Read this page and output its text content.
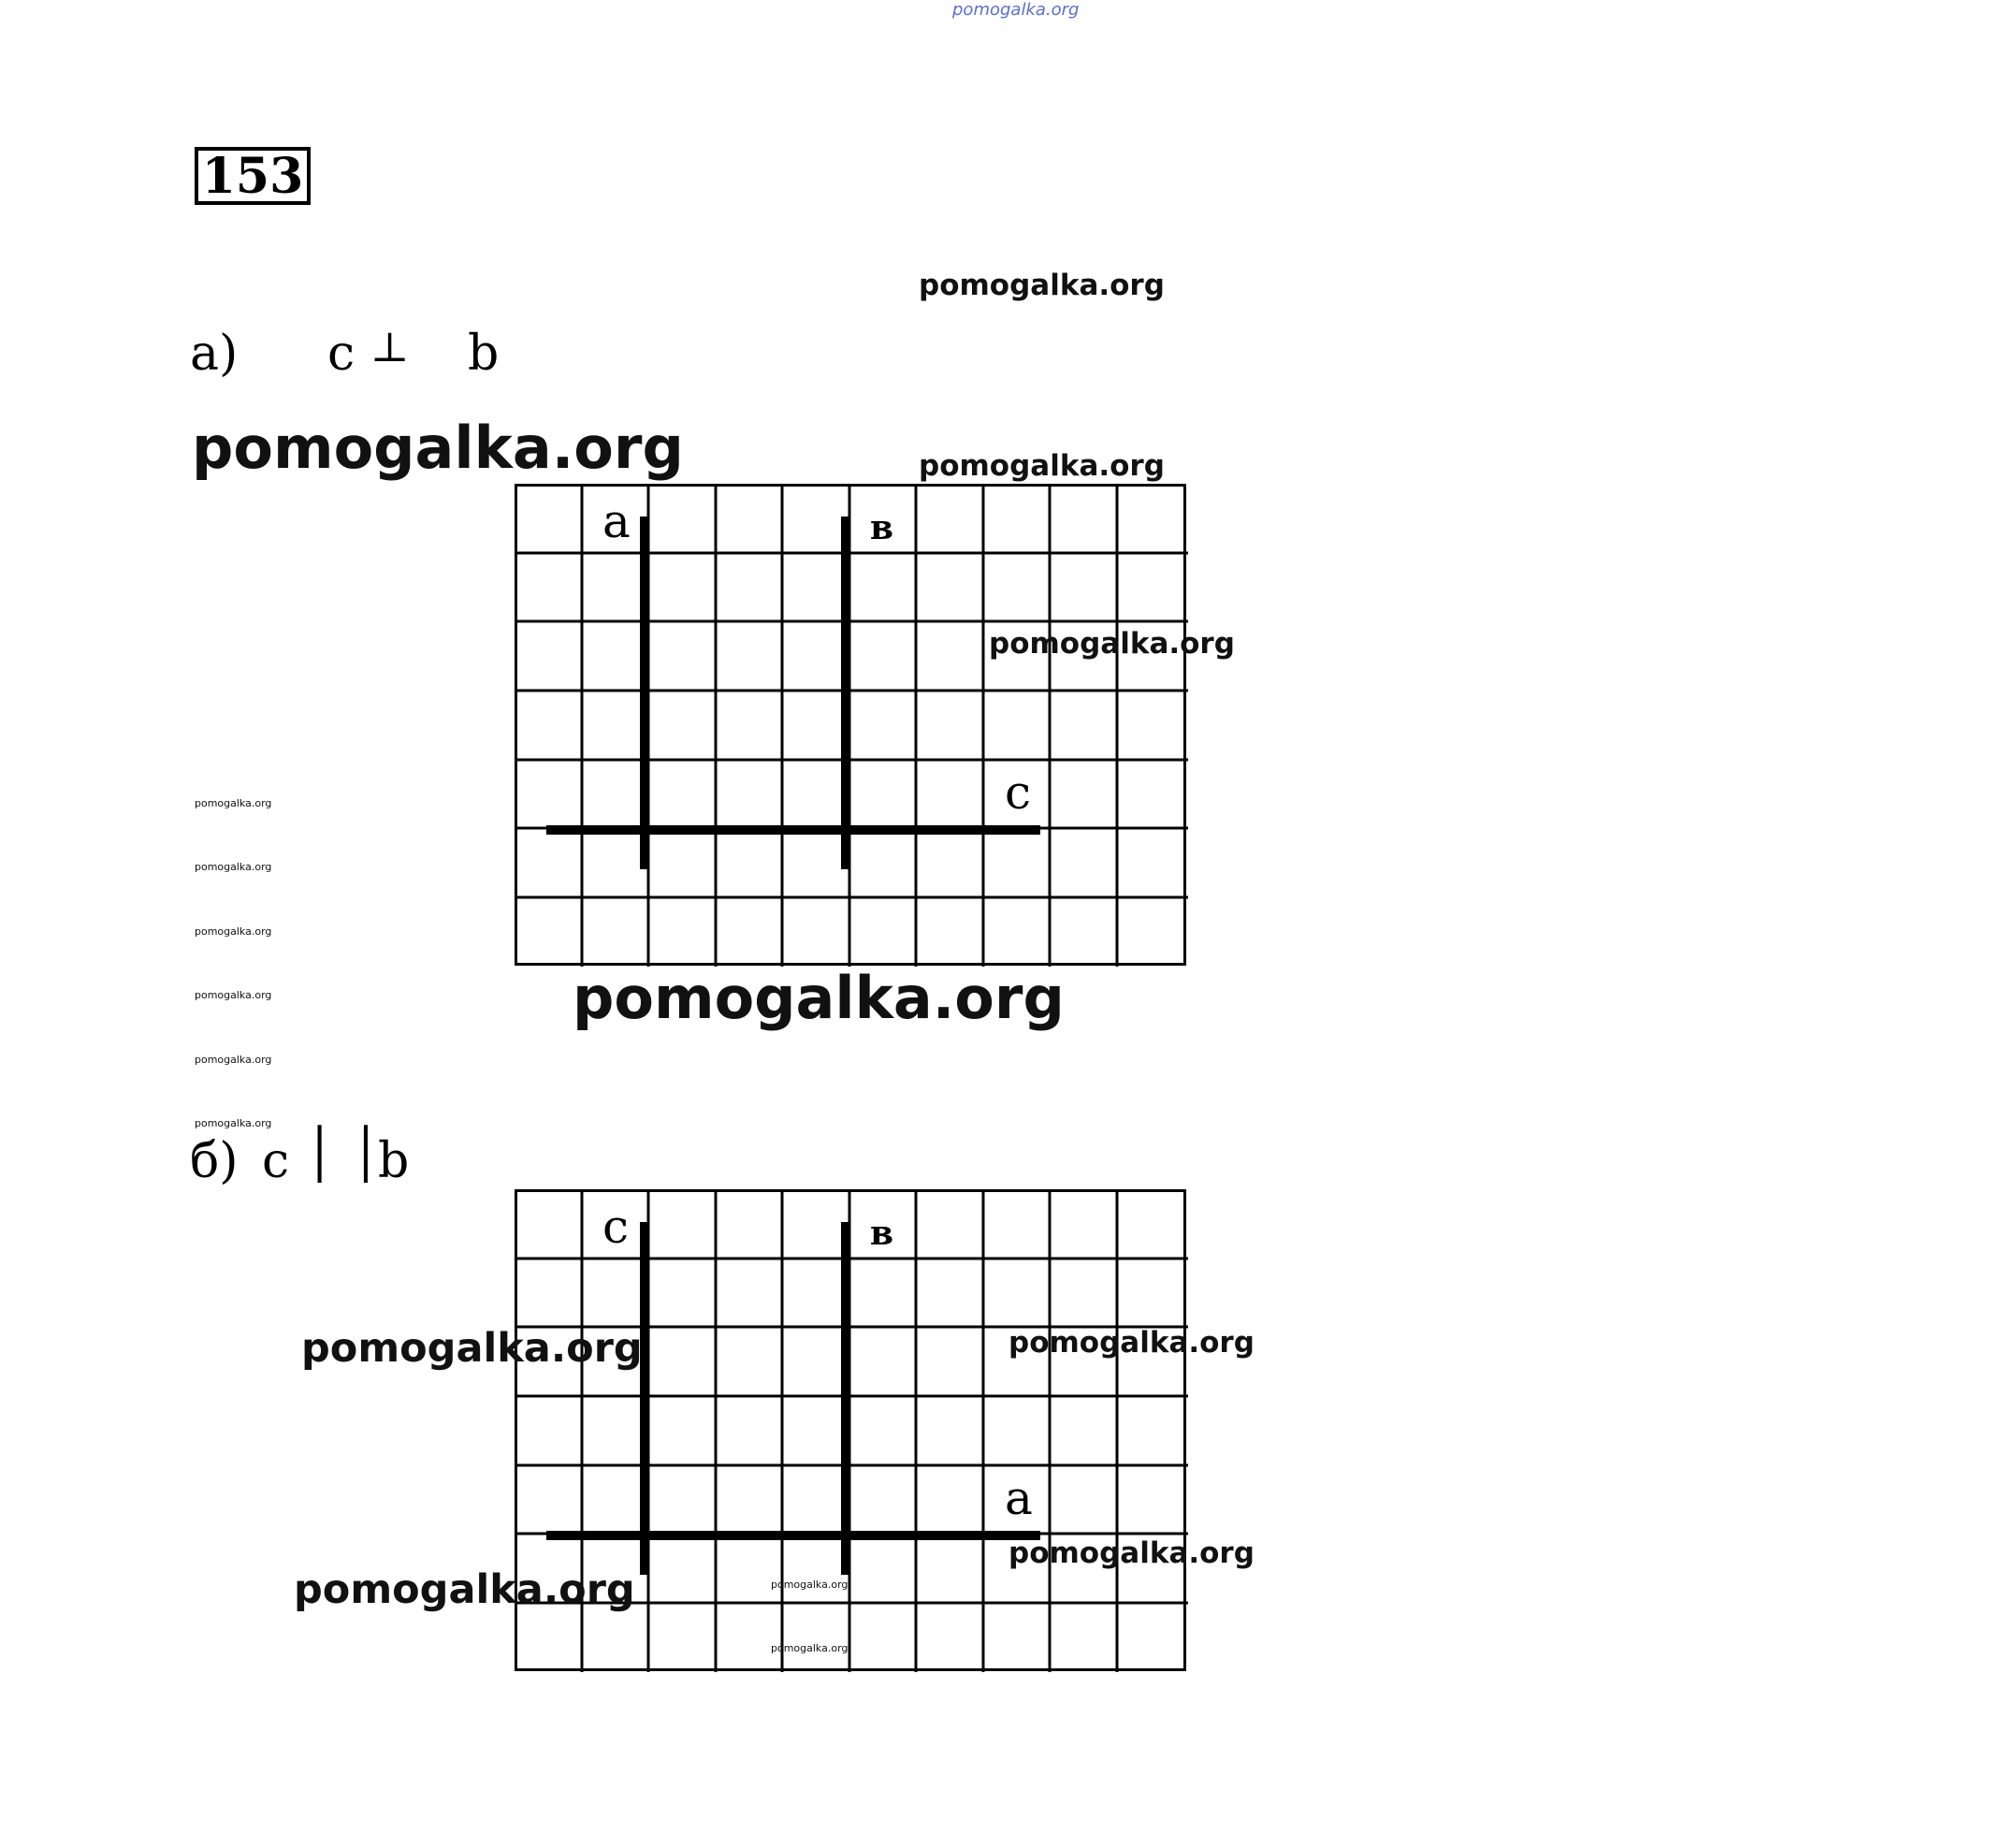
pomogalka.org
153
pomogalka.org
pomogalka.org	pomogalka.org
а) c ⊥ b
a	в
c
pomogalka.org
pomogalka.org
pomogalka.org
pomogalka.org
pomogalka.org
pomogalka.org
pomogalka.org
pomogalka.org
б) c │ │
b
c	в
a
pomogalka.org	pomogalka.org
pomogalka.org
pomogalka.org	pomogalka.org
pomogalka.org
